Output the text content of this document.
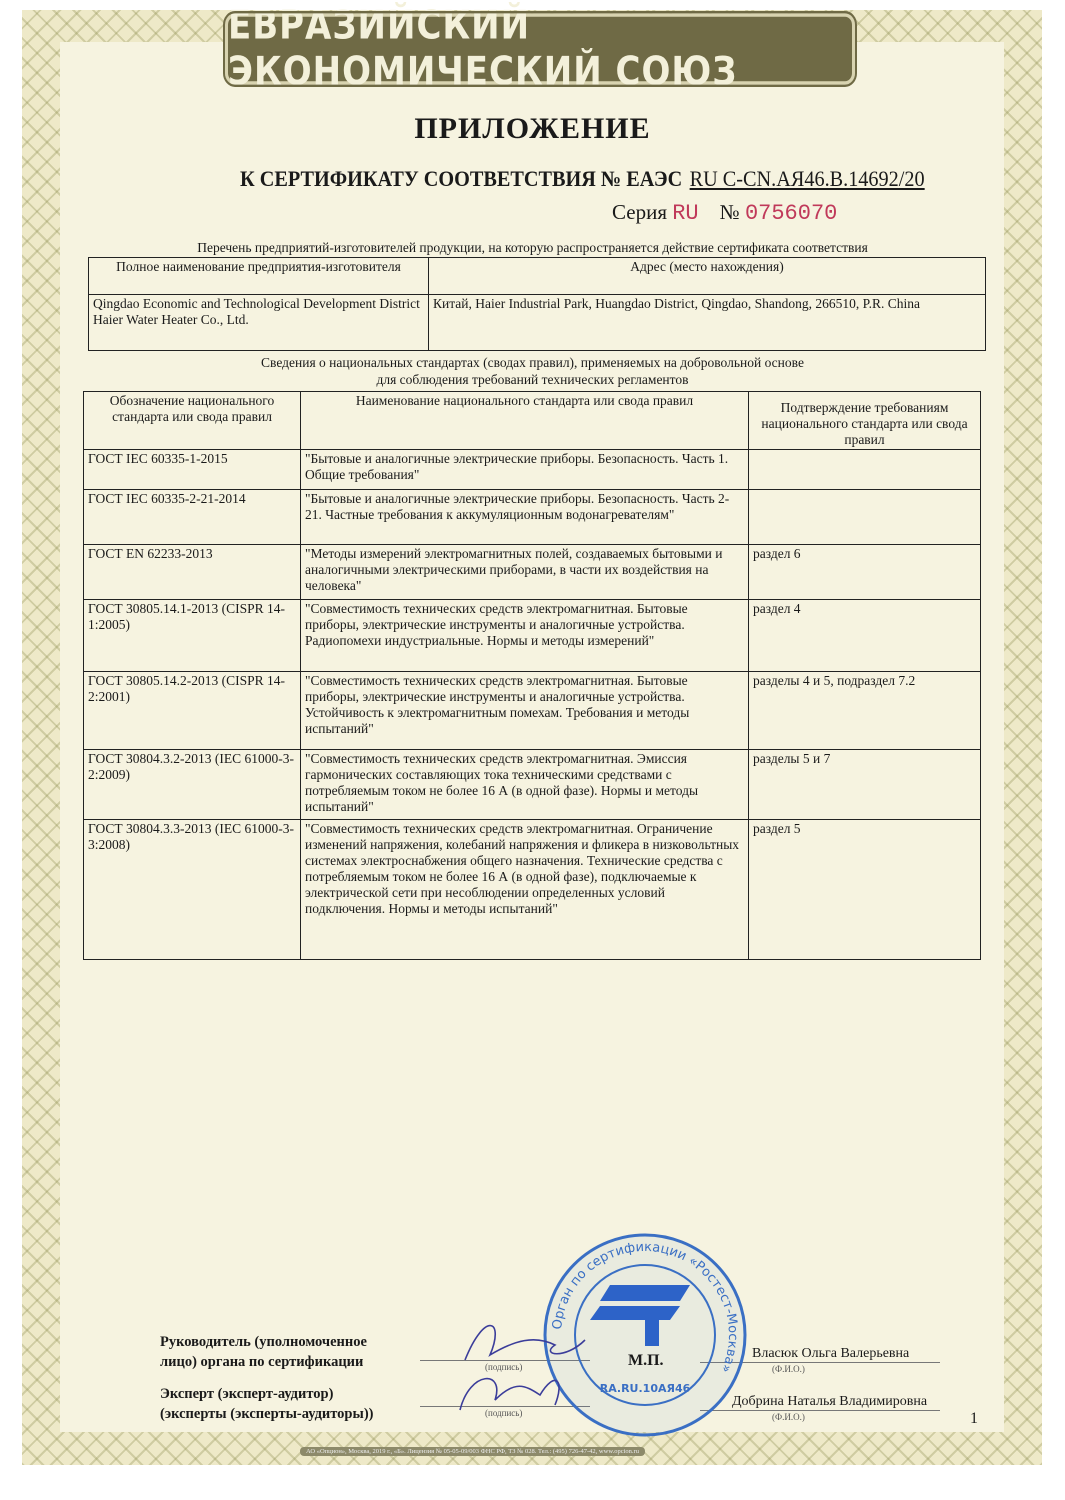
ЕВРАЗИЙСКИЙ ЭКОНОМИЧЕСКИЙ СОЮЗ
ПРИЛОЖЕНИЕ
К СЕРТИФИКАТУ СООТВЕТСТВИЯ № ЕАЭС RU C-CN.АЯ46.В.14692/20
Серия RU № 0756070
Перечень предприятий-изготовителей продукции, на которую распространяется действие сертификата соответствия
Полное наименование предприятия-изготовителя	Адрес (место нахождения)
Qingdao Economic and Technological Development District Haier Water Heater Co., Ltd.	Китай, Haier Industrial Park, Huangdao District, Qingdao, Shandong, 266510, P.R. China
Сведения о национальных стандартах (сводах правил), применяемых на добровольной основе
для соблюдения требований технических регламентов
Обозначение национального стандарта или свода правил	Наименование национального стандарта или свода правил	Подтверждение требованиям национального стандарта или свода правил
ГОСТ IEC 60335-1-2015	"Бытовые и аналогичные электрические приборы. Безопасность. Часть 1. Общие требования"	
ГОСТ IEC 60335-2-21-2014	"Бытовые и аналогичные электрические приборы. Безопасность. Часть 2-21. Частные требования к аккумуляционным водонагревателям"	
ГОСТ EN 62233-2013	"Методы измерений электромагнитных полей, создаваемых бытовыми и аналогичными электрическими приборами, в части их воздействия на человека"	раздел 6
ГОСТ 30805.14.1-2013 (CISPR 14-1:2005)	"Совместимость технических средств электромагнитная. Бытовые приборы, электрические инструменты и аналогичные устройства. Радиопомехи индустриальные. Нормы и методы измерений"	раздел 4
ГОСТ 30805.14.2-2013 (CISPR 14-2:2001)	"Совместимость технических средств электромагнитная. Бытовые приборы, электрические инструменты и аналогичные устройства. Устойчивость к электромагнитным помехам. Требования и методы испытаний"	разделы 4 и 5, подраздел 7.2
ГОСТ 30804.3.2-2013 (IEC 61000-3-2:2009)	"Совместимость технических средств электромагнитная. Эмиссия гармонических составляющих тока техническими средствами с потребляемым током не более 16 А (в одной фазе). Нормы и методы испытаний"	разделы 5 и 7
ГОСТ 30804.3.3-2013 (IEC 61000-3-3:2008)	"Совместимость технических средств электромагнитная. Ограничение изменений напряжения, колебаний напряжения и фликера в низковольтных системах электроснабжения общего назначения. Технические средства с потребляемым током не более 16 А (в одной фазе), подключаемые к электрической сети при несоблюдении определенных условий подключения. Нормы и методы испытаний"	раздел 5
Руководитель (уполномоченное
лицо) органа по сертификации
Эксперт (эксперт-аудитор)
(эксперты (эксперты-аудиторы))
(подпись)
(подпись)
Власюк Ольга Валерьевна
Добрина Наталья Владимировна
(Ф.И.О.)
(Ф.И.О.)	1
Орган по сертификации «Ростест-Москва»
RA.RU.10АЯ46
М.П.
АО «Опцион», Москва, 2019 г., «Б». Лицензия № 05-05-09/003 ФНС РФ, ТЗ № 028. Тел.: (495) 726-47-42, www.opcion.ru
